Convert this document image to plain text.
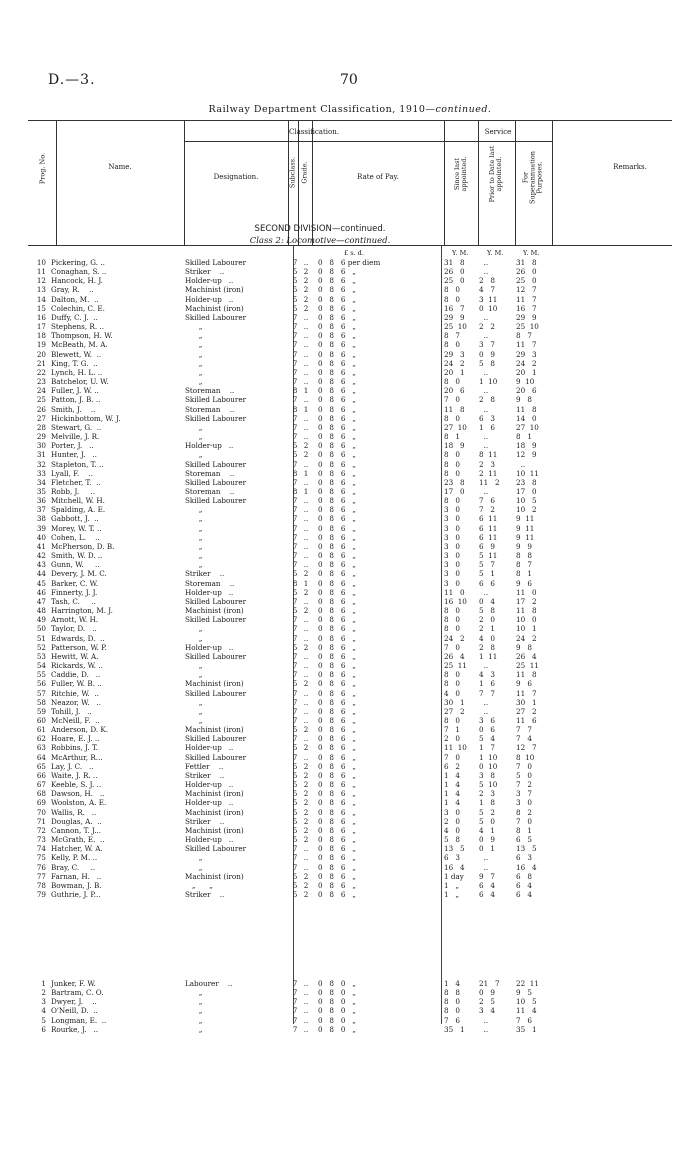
D.—3.	70
Railway Department Classification, 1910—continued.
Prog. No.	Name.
Classification.
Designation.	Subclass. Grade.	Rate of Pay.
Service
Since last appointed.	Prior to Date last appointed.	For Superannuation Purposes.	Remarks.
SECOND DIVISION—continued.
Class 2: Locomotive—continued.
£ s. d.	Y. M.	Y. M.	Y. M.
10 Pickering, G. ..	Skilled Labourer	7 ..	0   8   6 per diem	31   8	..	31   8
11 Conaghan, S. ..	Striker    ..	5 2	0   8   6   „	26   0	..	26   0
12 Hancock, H. J.	Holder-up   ..	5 2	0   8   6   „	25   0	2   8	25   0
13 Gray, R.    ..	Machinist (iron)	5 2	0   8   6   „	8   0	4   7	12   7
14 Dalton, M.  ..	Holder-up   ..	5 2	0   8   6   „	8   0	3  11	11   7
15 Colechin, C. E.	Machinist (iron)	5 2	0   8   6   „	16   7	0  10	16   7
16 Duffy, C. J.  ..	Skilled Labourer	7 ..	0   8   6   „	29   9	..	29   9
17 Stephens, R. ..	„	7 ..	0   8   6   „	25  10	2   2	25  10
18 Thompson, H. W.	„	7 ..	0   8   6   „	8   7	..	8   7
19 McBeath, M. A.	„	7 ..	0   8   6   „	8   0	3   7	11   7
20 Blewett, W.  ..	„	7 ..	0   8   6   „	29   3	0   9	29   3
21 King, T. G.  ..	„	7 ..	0   8   6   „	24   2	5   8	24   2
22 Lynch, H. L. ..	„	7 ..	0   8   6   „	20   1	..	20   1
23 Batchelor, U. W.	„	7 ..	0   8   6   „	8   0	1  10	9  10
24 Fuller, J. W. ..	Storeman    ..	8 1	0   8   6   „	20   6	..	20   6
25 Patton, J. B. ..	Skilled Labourer	7 ..	0   8   6   „	7   0	2   8	9   8
26 Smith, J.    ..	Storeman    ..	8 1	0   8   6   „	11   8	..	11   8
27 Hickinbottom, W. J.	Skilled Labourer	7 ..	0   8   6   „	8   0	6   3	14   0
28 Stewart, G.  ..	„	7 ..	0   8   6   „	27  10	1   6	27  10
29 Melville, J. R.	„	7 ..	0   8   6   „	8   1	..	8   1
30 Porter, J.   ..	Holder-up   ..	5 2	0   8   6   „	18   9	..	18   9
31 Hunter, J.   ..	„	5 2	0   8   6   „	8   0	8  11	12   9
32 Stapleton, T. ..	Skilled Labourer	7 ..	0   8   6   „	8   0	2   3	..
33 Lyall, F.    ..	Storeman    ..	8 1	0   8   6   „	8   0	2  11	10  11
34 Fletcher, T.  ..	Skilled Labourer	7 ..	0   8   6   „	23   8	11   2	23   8
35 Robb, J.     ..	Storeman    ..	8 1	0   8   6   „	17   0	..	17   0
36 Mitchell, W. H.	Skilled Labourer	7 ..	0   8   6   „	8   0	7   6	10   5
37 Spalding, A. E.	„	7 ..	0   8   6   „	3   0	7   2	10   2
38 Gabbott, J.  ..	„	7 ..	0   8   6   „	3   0	6  11	9  11
39 Morey, W. T. ..	„	7 ..	0   8   6   „	3   0	6  11	9  11
40 Cohen, L.    ..	„	7 ..	0   8   6   „	3   0	6  11	9  11
41 McPherson, D. B.	„	7 ..	0   8   6   „	3   0	6   9	9   9
42 Smith, W. D. ..	„	7 ..	0   8   6   „	3   0	5  11	8   8
43 Gunn, W.     ..	„	7 ..	0   8   6   „	3   0	5   7	8   7
44 Devery, J. M. C.	Striker    ..	5 2	0   8   6   „	3   0	5   1	8   1
45 Barker, C. W.	Storeman    ..	8 1	0   8   6   „	3   0	6   6	9   6
46 Finnerty, J. J.	Holder-up   ..	5 2	0   8   6   „	11   0	..	11   0
47 Tash, C.     ..	Skilled Labourer	7 ..	0   8   6   „	16  10	0   4	17   2
48 Harrington, M. J.	Machinist (iron)	5 2	0   8   6   „	8   0	5   8	11   8
49 Arnott, W. H.	Skilled Labourer	7 ..	0   8   6   „	8   0	2   0	10   0
50 Taylor, D.   ..	„	7 ..	0   8   6   „	8   0	2   1	10   1
51 Edwards, D.  ..	„	7 ..	0   8   6   „	24   2	4   0	24   2
52 Patterson, W. P.	Holder-up   ..	5 2	0   8   6   „	7   0	2   8	9   8
53 Hewitt, W. A.	Skilled Labourer	7 ..	0   8   6   „	26   4	1  11	26   4
54 Rickards, W. ..	„	7 ..	0   8   6   „	25  11	..	25  11
55 Caddie, D.   ..	„	7 ..	0   8   6   „	8   0	4   3	11   8
56 Fuller, W. B. ..	Machinist (iron)	5 2	0   8   6   „	8   0	1   6	9   6
57 Ritchie, W.  ..	Skilled Labourer	7 ..	0   8   6   „	4   0	7   7	11   7
58 Neazor, W.   ..	„	7 ..	0   8   6   „	30   1	..	30   1
59 Tohill, J.   ..	„	7 ..	0   8   6   „	27   2	..	27   2
60 McNeill, F.  ..	„	7 ..	0   8   6   „	8   0	3   6	11   6
61 Anderson, D. K.	Machinist (iron)	5 2	0   8   6   „	7   1	0   6	7   7
62 Hoare, E. J. ..	Skilled Labourer	7 ..	0   8   6   „	2   0	5   4	7   4
63 Robbins, J. T.	Holder-up   ..	5 2	0   8   6   „	11  10	1   7	12   7
64 McArthur, R...	Skilled Labourer	7 ..	0   8   6   „	7   0	1  10	8  10
65 Lay, J. C.   ..	Fettler    ..	5 2	0   8   6   „	6   2	0  10	7   0
66 Waite, J. R. ..	Striker    ..	5 2	0   8   6   „	1   4	3   8	5   0
67 Keeble, S. J. ..	Holder-up   ..	5 2	0   8   6   „	1   4	5  10	7   2
68 Dawson, H.   ..	Machinist (iron)	5 2	0   8   6   „	1   4	2   3	3   7
69 Woolston, A. E.	Holder-up   ..	5 2	0   8   6   „	1   4	1   8	3   0
70 Wallis, R.   ..	Machinist (iron)	5 2	0   8   6   „	3   0	5   2	8   2
71 Douglas, A.  ..	Striker    ..	5 2	0   8   6   „	2   0	5   0	7   0
72 Cannon, T. J...	Machinist (iron)	5 2	0   8   6   „	4   0	4   1	8   1
73 McGrath, E.  ..	Holder-up   ..	5 2	0   8   6   „	5   8	0   9	6   5
74 Hatcher, W. A.	Skilled Labourer	7 ..	0   8   6   „	13   5	0   1	13   5
75 Kelly, P. M. ..	„	7 ..	0   8   6   „	6   3	..	6   3
76 Bray, C.     ..	„	7 ..	0   8   6   „	16   4	..	16   4
77 Farnan, H.   ..	Machinist (iron)	5 2	0   8   6   „	1 day	9   7	6   8
78 Bowman, J. B.	„      „	5 2	0   8   6   „	1   „	6   4	6   4
79 Guthrie, J. P...	Striker    ..	5 2	0   8   6   „	1   „	6   4	6   4
1 Junker, F. W.	Labourer    ..	7 ..	0   8   0   „	1   4	21   7	22  11
2 Bartram, C. O.	„	7 ..	0   8   0   „	8   8	0   9	9   5
3 Dwyer, J.    ..	„	7 ..	0   8   0   „	8   0	2   5	10   5
4 O'Neill, D.  ..	„	7 ..	0   8   0   „	8   0	3   4	11   4
5 Longman, E.  ..	„	7 ..	0   8   0   „	7   6	..	7   6
6 Rourke, J.   ..	„	7 ..	0   8   0   „	35   1	..	35   1
